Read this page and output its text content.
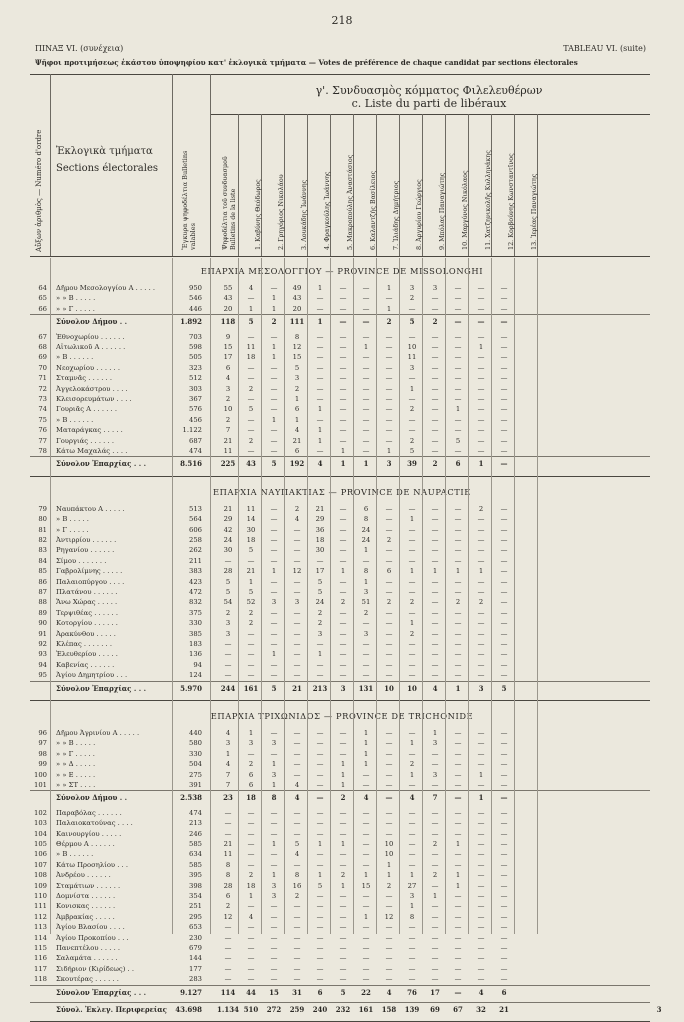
218
ΠΙΝΑΞ VI. (συνέχεια)	TABLEAU VI. (suite)
Ψῆφοι προτιμήσεως ἑκάστου ὑποψηφίου κατ' ἐκλογικὰ τμήματα — Votes de préférence de chaque candidat par sections électorales
Αὔξων ἀριθμὸς — Numéro d'ordre Ἐκλογικὰ τμήματα
Sections électorales	Ἔγκυρα ψηφοδέλτια Bulletins valables
γ'. Συνδυασμὸς κόμματος Φιλελευθέρων
c. Liste du parti de libéraux
Ψηφοδέλτια τοῦ συνδυασμοῦ Bulletins de la liste	1. Καβύνης Θεόδωρος 2. Γρηγόριος Νικολάου 3. Λουκάδης Ἰωάννης 4. Φραγκούλης Ἰωάννης 5. Μακροπούλης Ἀναστάσιος 6. Καλαντζής Βασίλειος 7. Ἰλιάδης Δημήτριος 8. Ἀργυρίου Γεώργιος 9. Μπόλας Παναγιώτης 10. Μαργύνος Νικόλαος 11. Χατζηνικολῆς Κυλληνάκης 12. Κορβούνης Κωνσταντῖνος 13. Ἱερέας Παναγιώτης
ΕΠΑΡΧΙΑ ΜΕΣΟΛΟΓΓΙΟΥ — PROVINCE DE MISSOLONGHI
64 Δῆμου Μεσολογγίου Α . . . . .	950	55	4	—	49	1	—	—	1	3	3	—	—	—
65 » » Β . . . . .	546	43	—	1	43	—	—	—	—	2	—	—	—	—
66 » » Γ . . . . .	446	20	1	1	20	—	—	—	1	—	—	—	—	—
Σύνολον Δήμου . .	1.892	118	5	2	111	1	—	—	2	5	2	—	—	—
67 Ἐθνοχωρίου . . . . . .	703	9	—	—	8	—	—	—	—	—	—	—	—	—
68 Αἰτωλικοῦ Α . . . . . .	598	15	11	1	12	—	—	1	—	10	—	—	1	—
69 » Β . . . . . .	505	17	18	1	15	—	—	—	—	11	—	—	—	—
70 Νεοχωρίου . . . . . .	323	6	—	—	5	—	—	—	—	3	—	—	—	—
71 Σταμνᾶς . . . . . .	512	4	—	—	3	—	—	—	—	—	—	—	—	—
72 Ἀγγελοκάστρου . . . .	303	3	2	—	2	—	—	—	—	1	—	—	—	—
73 Κλεισορευμάτων . . . .	367	2	—	—	1	—	—	—	—	—	—	—	—	—
74 Γουριᾶς Α . . . . . .	576	10	5	—	6	1	—	—	—	2	—	1	—	—
75 » Β . . . . . .	456	2	—	1	1	—	—	—	—	—	—	—	—	—
76 Ματαράγκας . . . . .	1.122	7	—	—	4	1	—	—	—	—	—	—	—	—
77 Γουργιάς . . . . . .	687	21	2	—	21	1	—	—	—	2	—	5	—	—
78 Κάτω Μαχαλάς . . . .	474	11	—	—	6	—	1	—	1	5	—	—	—	—
Σύνολον Ἐπαρχίας . . .	8.516	225	43	5	192	4	1	1	3	39	2	6	1	—
ΕΠΑΡΧΙΑ ΝΑΥΠΑΚΤΙΑΣ — PROVINCE DE NAUPACTIE
79 Ναυπάκτου Α . . . . .	513	21	11	—	2	21	—	6	—	—	—	—	2	—
80 » Β . . . . .	564	29	14	—	4	29	—	8	—	1	—	—	—	—
81 » Γ . . . . .	606	42	30	—	—	36	—	24	—	—	—	—	—	—
82 Ἀντιρρίου . . . . . .	258	24	18	—	—	18	—	24	2	—	—	—	—	—
83 Ρηγανίου . . . . . .	262	30	5	—	—	30	—	1	—	—	—	—	—	—
84 Σίμου . . . . . . .	211	—	—	—	—	—	—	—	—	—	—	—	—	—
85 Γαβρολίμνης . . . . .	383	28	21	1	12	17	1	8	6	1	1	1	1	—
86 Παλαιοπύργου . . . .	423	5	1	—	—	5	—	1	—	—	—	—	—	—
87 Πλατάνου . . . . . .	472	5	5	—	—	5	—	3	—	—	—	—	—	—
88 Ἄνω Χώρας . . . . .	832	54	52	3	3	24	2	51	2	2	—	2	2	—
89 Τερψιθέας . . . . . .	375	2	2	—	—	2	—	2	—	—	—	—	—	—
90 Κοτοργίου . . . . . .	330	3	2	—	—	2	—	—	—	1	—	—	—	—
91 Ἀρακύνθου . . . . .	385	3	—	—	—	3	—	3	—	2	—	—	—	—
92 Κλέπας . . . . . . .	183	—	—	—	—	—	—	—	—	—	—	—	—	—
93 Ἐλευθερίου . . . . .	136	—	—	1	—	1	—	—	—	—	—	—	—	—
94 Καβενίας . . . . . .	94	—	—	—	—	—	—	—	—	—	—	—	—	—
95 Ἁγίου Δημητρίου . . .	124	—	—	—	—	—	—	—	—	—	—	—	—	—
Σύνολον Ἐπαρχίας . . .	5.970	244	161	5	21	213	3	131	10	10	4	1	3	5
ΕΠΑΡΧΙΑ ΤΡΙΧΩΝΙΔΟΣ — PROVINCE DE TRICHONIDE
96 Δῆμου Ἀγρινίου Α . . . . .	440	4	1	—	—	—	—	1	—	—	1	—	—	—
97 » » Β . . . . .	580	3	3	3	—	—	—	1	—	1	3	—	—	—
98 » » Γ . . . . .	330	1	—	—	—	—	—	1	—	—	—	—	—	—
99 » » Δ . . . . .	504	4	2	1	—	—	1	1	—	2	—	—	—	—
100 » » Ε . . . . .	275	7	6	3	—	—	1	—	—	1	3	—	1	—
101 » » ΣΤ . . . .	391	7	6	1	4	—	1	—	—	—	—	—	—	—
Σύνολον Δήμου . .	2.538	23	18	8	4	—	2	4	—	4	7	—	1	—
102 Παραβόλας . . . . . .	474	—	—	—	—	—	—	—	—	—	—	—	—	—
103 Παλαιοκατούνας . . . .	213	—	—	—	—	—	—	—	—	—	—	—	—	—
104 Καινουργίου . . . . .	246	—	—	—	—	—	—	—	—	—	—	—	—	—
105 Θέρμου Α . . . . . .	585	21	—	1	5	1	1	—	10	—	2	1	—	—
106 » Β . . . . . .	634	11	—	—	4	—	—	—	10	—	—	—	—	—
107 Κάτω Προσηλίου . . .	585	8	—	—	—	—	—	—	1	—	—	—	—	—
108 Ἀνδρέου . . . . . .	395	8	2	1	8	1	2	1	1	1	2	1	—	—
109 Σταμάτιων . . . . . .	398	28	18	3	16	5	1	15	2	27	—	1	—	—
110 Δομνίστα . . . . . .	354	6	1	3	2	—	—	—	—	3	1	—	—	—
111 Κονισκας . . . . . .	251	2	—	—	—	—	—	—	—	1	—	—	—	—
112 Ἀμβρακίας . . . . .	295	12	4	—	—	—	—	1	12	8	—	—	—	—
113 Ἁγίου Βλασίου . . . .	653	—	—	—	—	—	—	—	—	—	—	—	—	—
114 Ἁγίου Προκοπίου . . .	230	—	—	—	—	—	—	—	—	—	—	—	—	—
115 Πανεπτέλου . . . . .	679	—	—	—	—	—	—	—	—	—	—	—	—	—
116 Σαλαμάτα . . . . . .	144	—	—	—	—	—	—	—	—	—	—	—	—	—
117 Σιδήριον (Κιρίδεως) . .	177	—	—	—	—	—	—	—	—	—	—	—	—	—
118 Σκουτέρας . . . . . .	283	—	—	—	—	—	—	—	—	—	—	—	—	—
Σύνολον Ἐπαρχίας . . .	9.127	114	44	15	31	6	5	22	4	76	17	—	4	6
Σύνολ. Ἐκλεγ. Περιφερείας	43.698 1.134 510	272	259	240	232	161	158	139	69	67	32	21	3
